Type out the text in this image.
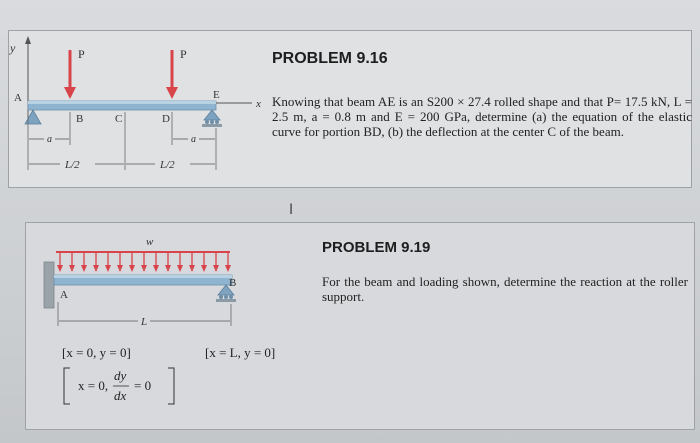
y	P	P
x
A
B	C	D
E
a	a
L/2	L/2
PROBLEM 9.16
Knowing that beam AE is an S200 × 27.4 rolled shape and that P= 17.5 kN, L = 2.5 m, a = 0.8 m and E = 200 GPa, determine (a) the equation of the elastic curve for portion BD, (b) the deflection at the center C of the beam.
I
w
A
B
L
[x = 0, y = 0]	[x = L, y = 0]
x = 0,
dy
dx
= 0
PROBLEM 9.19
For the beam and loading shown, determine the reaction at the roller support.
